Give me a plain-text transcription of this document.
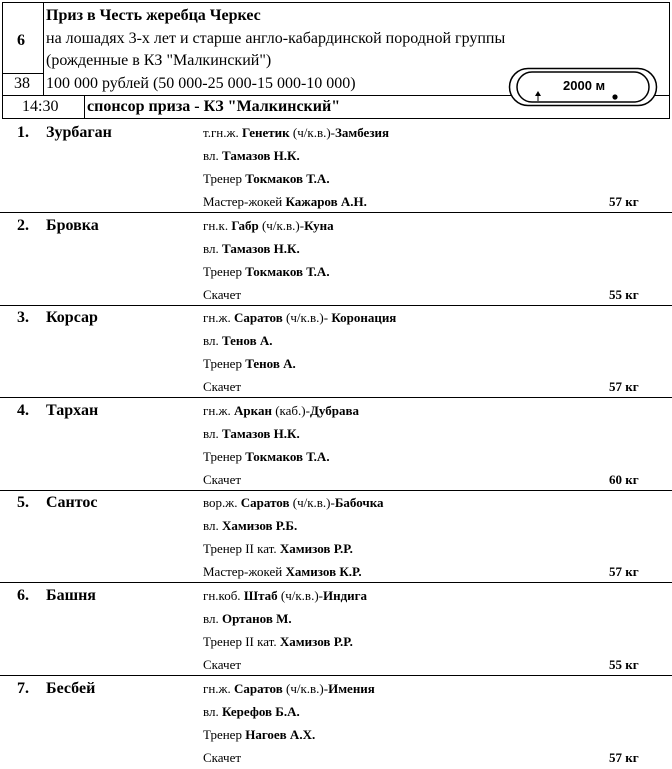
6
Приз в Честь жеребца Черкес
на лошадях 3-х лет и старше англо-кабардинской породной группы
(рожденные в КЗ "Малкинский")
38 100 000 рублей (50 000-25 000-15 000-10 000)
14:30 спонсор приза - КЗ "Малкинский"
2000 м
1. Зурбаган	т.гн.ж. Генетик (ч/к.в.)-Замбезия
вл. Тамазов Н.К.
Тренер Токмаков Т.А.
Мастер-жокей Кажаров А.Н.	57 кг
2. Бровка	гн.к. Габр (ч/к.в.)-Куна
вл. Тамазов Н.К.
Тренер Токмаков Т.А.
Скачет	55 кг
3. Корсар	гн.ж. Саратов (ч/к.в.)- Коронация
вл. Тенов А.
Тренер Тенов А.
Скачет	57 кг
4. Тархан	гн.ж. Аркан (каб.)-Дубрава
вл. Тамазов Н.К.
Тренер Токмаков Т.А.
Скачет	60 кг
5. Сантос	вор.ж. Саратов (ч/к.в.)-Бабочка
вл. Хамизов Р.Б.
Тренер II кат. Хамизов Р.Р.
Мастер-жокей Хамизов К.Р.	57 кг
6. Башня	гн.коб. Штаб (ч/к.в.)-Индига
вл. Ортанов М.
Тренер II кат. Хамизов Р.Р.
Скачет	55 кг
7. Бесбей	гн.ж. Саратов (ч/к.в.)-Имения
вл. Керефов Б.А.
Тренер Нагоев А.Х.
Скачет	57 кг
